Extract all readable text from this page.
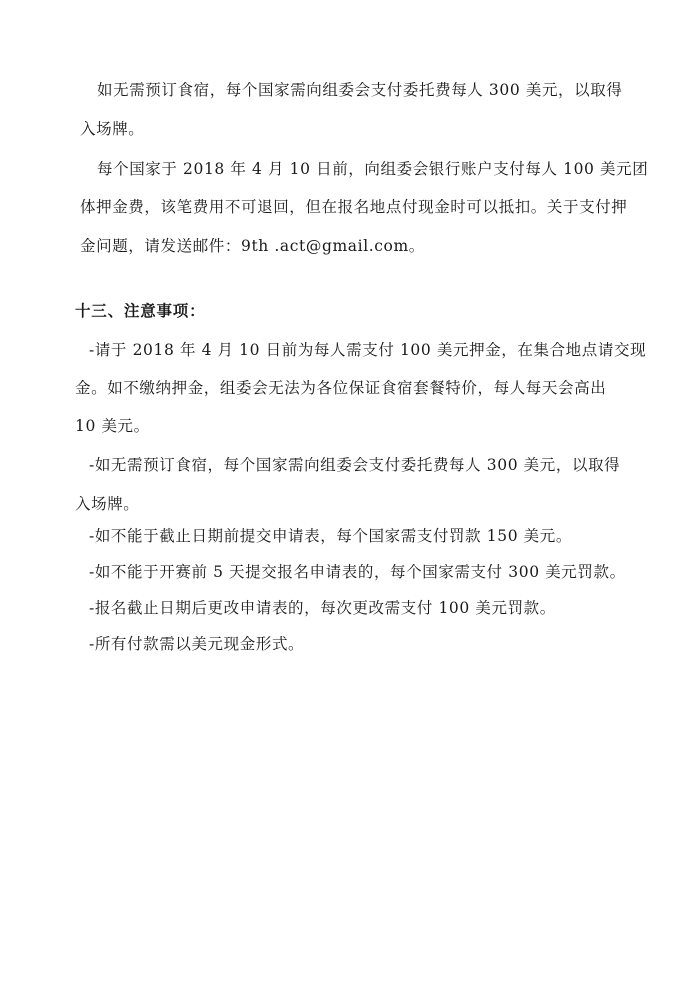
如无需预订食宿，每个国家需向组委会支付委托费每人 300 美元，以取得
入场牌。
每个国家于 2018 年 4 月 10 日前，向组委会银行账户支付每人 100 美元团
体押金费，该笔费用不可退回，但在报名地点付现金时可以抵扣。关于支付押
金问题，请发送邮件：9th .act@gmail.com。
十三、注意事项：
-请于 2018 年 4 月 10 日前为每人需支付 100 美元押金，在集合地点请交现
金。如不缴纳押金，组委会无法为各位保证食宿套餐特价，每人每天会高出
10 美元。
-如无需预订食宿，每个国家需向组委会支付委托费每人 300 美元，以取得
入场牌。
-如不能于截止日期前提交申请表，每个国家需支付罚款 150 美元。
-如不能于开赛前 5 天提交报名申请表的，每个国家需支付 300 美元罚款。
-报名截止日期后更改申请表的，每次更改需支付 100 美元罚款。
-所有付款需以美元现金形式。
